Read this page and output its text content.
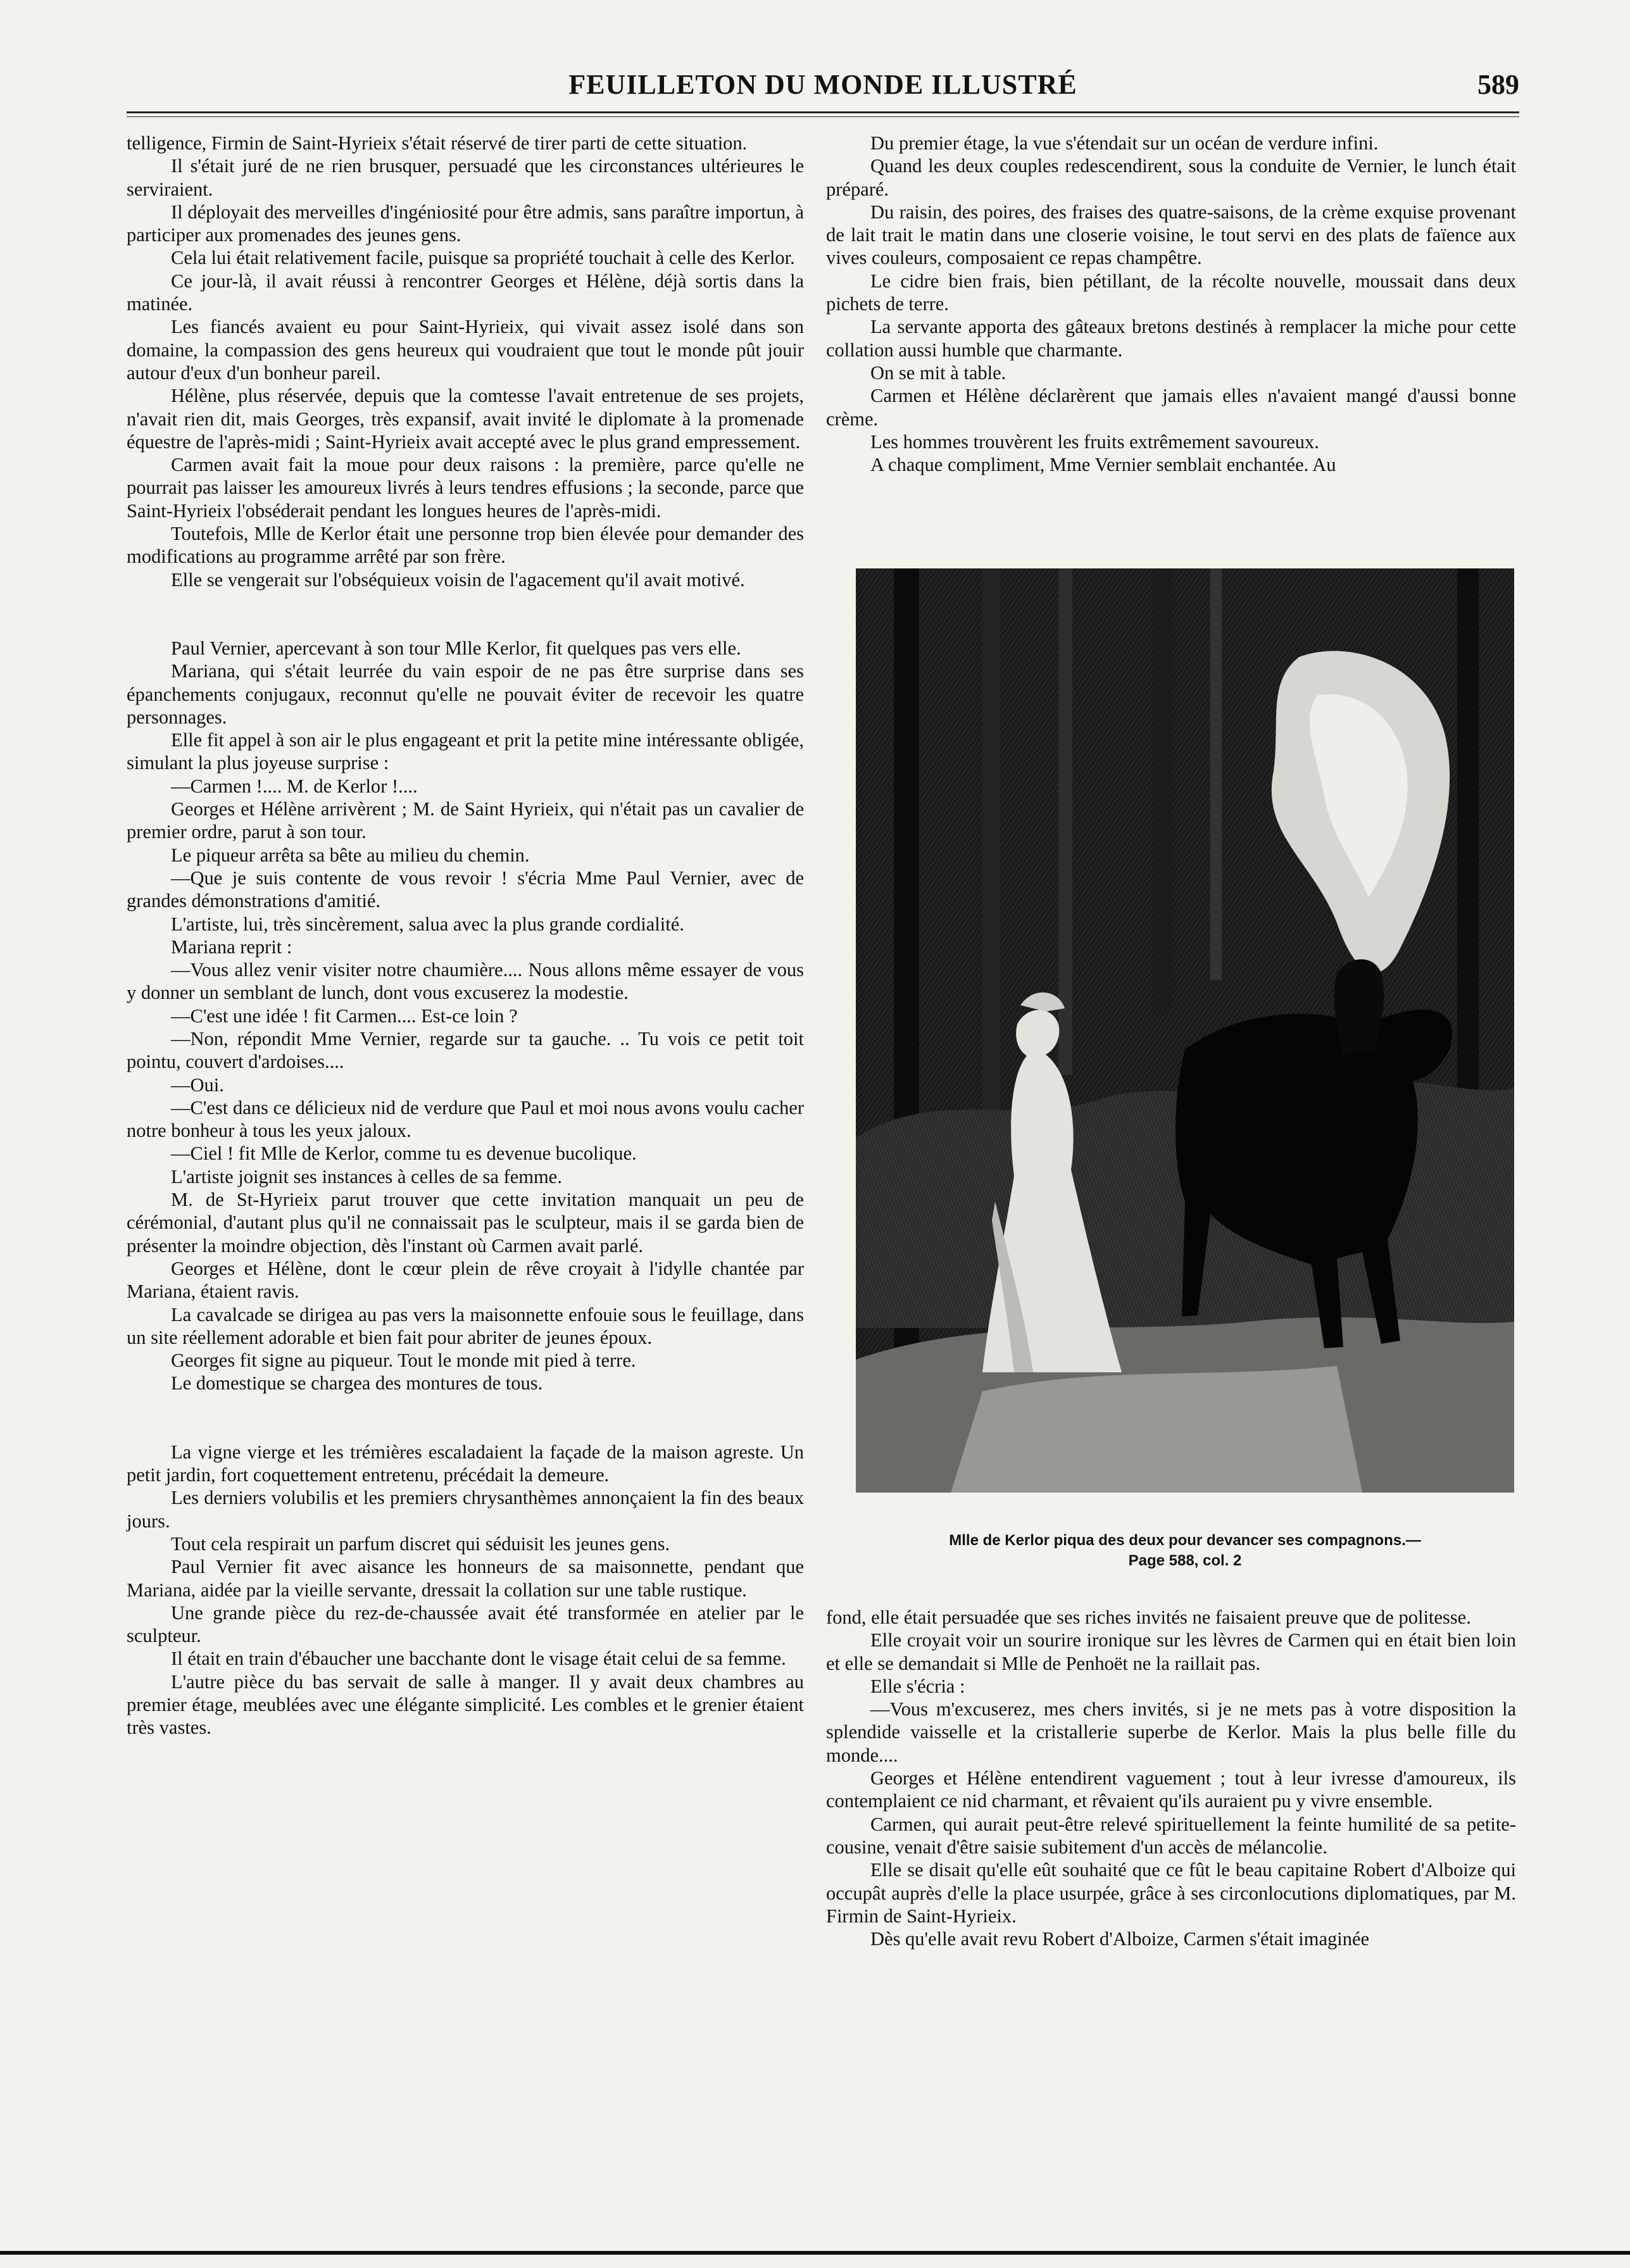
FEUILLETON DU MONDE ILLUSTRÉ	589

telligence, Firmin de Saint-Hyrieix s'était réservé de tirer parti de cette situation.

Il s'était juré de ne rien brusquer, persuadé que les circonstances ultérieures le serviraient.

Il déployait des merveilles d'ingéniosité pour être admis, sans paraître importun, à participer aux promenades des jeunes gens.

Cela lui était relativement facile, puisque sa propriété touchait à celle des Kerlor.

Ce jour-là, il avait réussi à rencontrer Georges et Hélène, déjà sortis dans la matinée.

Les fiancés avaient eu pour Saint-Hyrieix, qui vivait assez isolé dans son domaine, la compassion des gens heureux qui voudraient que tout le monde pût jouir autour d'eux d'un bonheur pareil.

Hélène, plus réservée, depuis que la comtesse l'avait entretenue de ses projets, n'avait rien dit, mais Georges, très expansif, avait invité le diplomate à la promenade équestre de l'après-midi ; Saint-Hyrieix avait accepté avec le plus grand empressement.

Carmen avait fait la moue pour deux raisons : la première, parce qu'elle ne pourrait pas laisser les amoureux livrés à leurs tendres effusions ; la seconde, parce que Saint-Hyrieix l'obséderait pendant les longues heures de l'après-midi.

Toutefois, Mlle de Kerlor était une personne trop bien élevée pour demander des modifications au programme arrêté par son frère.

Elle se vengerait sur l'obséquieux voisin de l'agacement qu'il avait motivé.

Paul Vernier, apercevant à son tour Mlle Kerlor, fit quelques pas vers elle.

Mariana, qui s'était leurrée du vain espoir de ne pas être surprise dans ses épanchements conjugaux, reconnut qu'elle ne pouvait éviter de recevoir les quatre personnages.

Elle fit appel à son air le plus engageant et prit la petite mine intéressante obligée, simulant la plus joyeuse surprise :

—Carmen !.... M. de Kerlor !....

Georges et Hélène arrivèrent ; M. de Saint Hyrieix, qui n'était pas un cavalier de premier ordre, parut à son tour.

Le piqueur arrêta sa bête au milieu du chemin.

—Que je suis contente de vous revoir ! s'écria Mme Paul Vernier, avec de grandes démonstrations d'amitié.

L'artiste, lui, très sincèrement, salua avec la plus grande cordialité.

Mariana reprit :

—Vous allez venir visiter notre chaumière.... Nous allons même essayer de vous y donner un semblant de lunch, dont vous excuserez la modestie.

—C'est une idée ! fit Carmen.... Est-ce loin ?

—Non, répondit Mme Vernier, regarde sur ta gauche. .. Tu vois ce petit toit pointu, couvert d'ardoises....

—Oui.

—C'est dans ce délicieux nid de verdure que Paul et moi nous avons voulu cacher notre bonheur à tous les yeux jaloux.

—Ciel ! fit Mlle de Kerlor, comme tu es devenue bucolique.

L'artiste joignit ses instances à celles de sa femme.

M. de St-Hyrieix parut trouver que cette invitation manquait un peu de cérémonial, d'autant plus qu'il ne connaissait pas le sculpteur, mais il se garda bien de présenter la moindre objection, dès l'instant où Carmen avait parlé.

Georges et Hélène, dont le cœur plein de rêve croyait à l'idylle chantée par Mariana, étaient ravis.

La cavalcade se dirigea au pas vers la maisonnette enfouie sous le feuillage, dans un site réellement adorable et bien fait pour abriter de jeunes époux.

Georges fit signe au piqueur. Tout le monde mit pied à terre.

Le domestique se chargea des montures de tous.

La vigne vierge et les trémières escaladaient la façade de la maison agreste. Un petit jardin, fort coquettement entretenu, précédait la demeure.

Les derniers volubilis et les premiers chrysanthèmes annonçaient la fin des beaux jours.

Tout cela respirait un parfum discret qui séduisit les jeunes gens.

Paul Vernier fit avec aisance les honneurs de sa maisonnette, pendant que Mariana, aidée par la vieille servante, dressait la collation sur une table rustique.

Une grande pièce du rez-de-chaussée avait été transformée en atelier par le sculpteur.

Il était en train d'ébaucher une bacchante dont le visage était celui de sa femme.

L'autre pièce du bas servait de salle à manger. Il y avait deux chambres au premier étage, meublées avec une élégante simplicité. Les combles et le grenier étaient très vastes.

Du premier étage, la vue s'étendait sur un océan de verdure infini.

Quand les deux couples redescendirent, sous la conduite de Vernier, le lunch était préparé.

Du raisin, des poires, des fraises des quatre-saisons, de la crème exquise provenant de lait trait le matin dans une closerie voisine, le tout servi en des plats de faïence aux vives couleurs, composaient ce repas champêtre.

Le cidre bien frais, bien pétillant, de la récolte nouvelle, moussait dans deux pichets de terre.

La servante apporta des gâteaux bretons destinés à remplacer la miche pour cette collation aussi humble que charmante.

On se mit à table.

Carmen et Hélène déclarèrent que jamais elles n'avaient mangé d'aussi bonne crème.

Les hommes trouvèrent les fruits extrêmement savoureux.

A chaque compliment, Mme Vernier semblait enchantée. Au

Mlle de Kerlor piqua des deux pour devancer ses compagnons.—
Page 588, col. 2

fond, elle était persuadée que ses riches invités ne faisaient preuve que de politesse.

Elle croyait voir un sourire ironique sur les lèvres de Carmen qui en était bien loin et elle se demandait si Mlle de Penhoët ne la raillait pas.

Elle s'écria :

—Vous m'excuserez, mes chers invités, si je ne mets pas à votre disposition la splendide vaisselle et la cristallerie superbe de Kerlor. Mais la plus belle fille du monde....

Georges et Hélène entendirent vaguement ; tout à leur ivresse d'amoureux, ils contemplaient ce nid charmant, et rêvaient qu'ils auraient pu y vivre ensemble.

Carmen, qui aurait peut-être relevé spirituellement la feinte humilité de sa petite-cousine, venait d'être saisie subitement d'un accès de mélancolie.

Elle se disait qu'elle eût souhaité que ce fût le beau capitaine Robert d'Alboize qui occupât auprès d'elle la place usurpée, grâce à ses circonlocutions diplomatiques, par M. Firmin de Saint-Hyrieix.

Dès qu'elle avait revu Robert d'Alboize, Carmen s'était imaginée
